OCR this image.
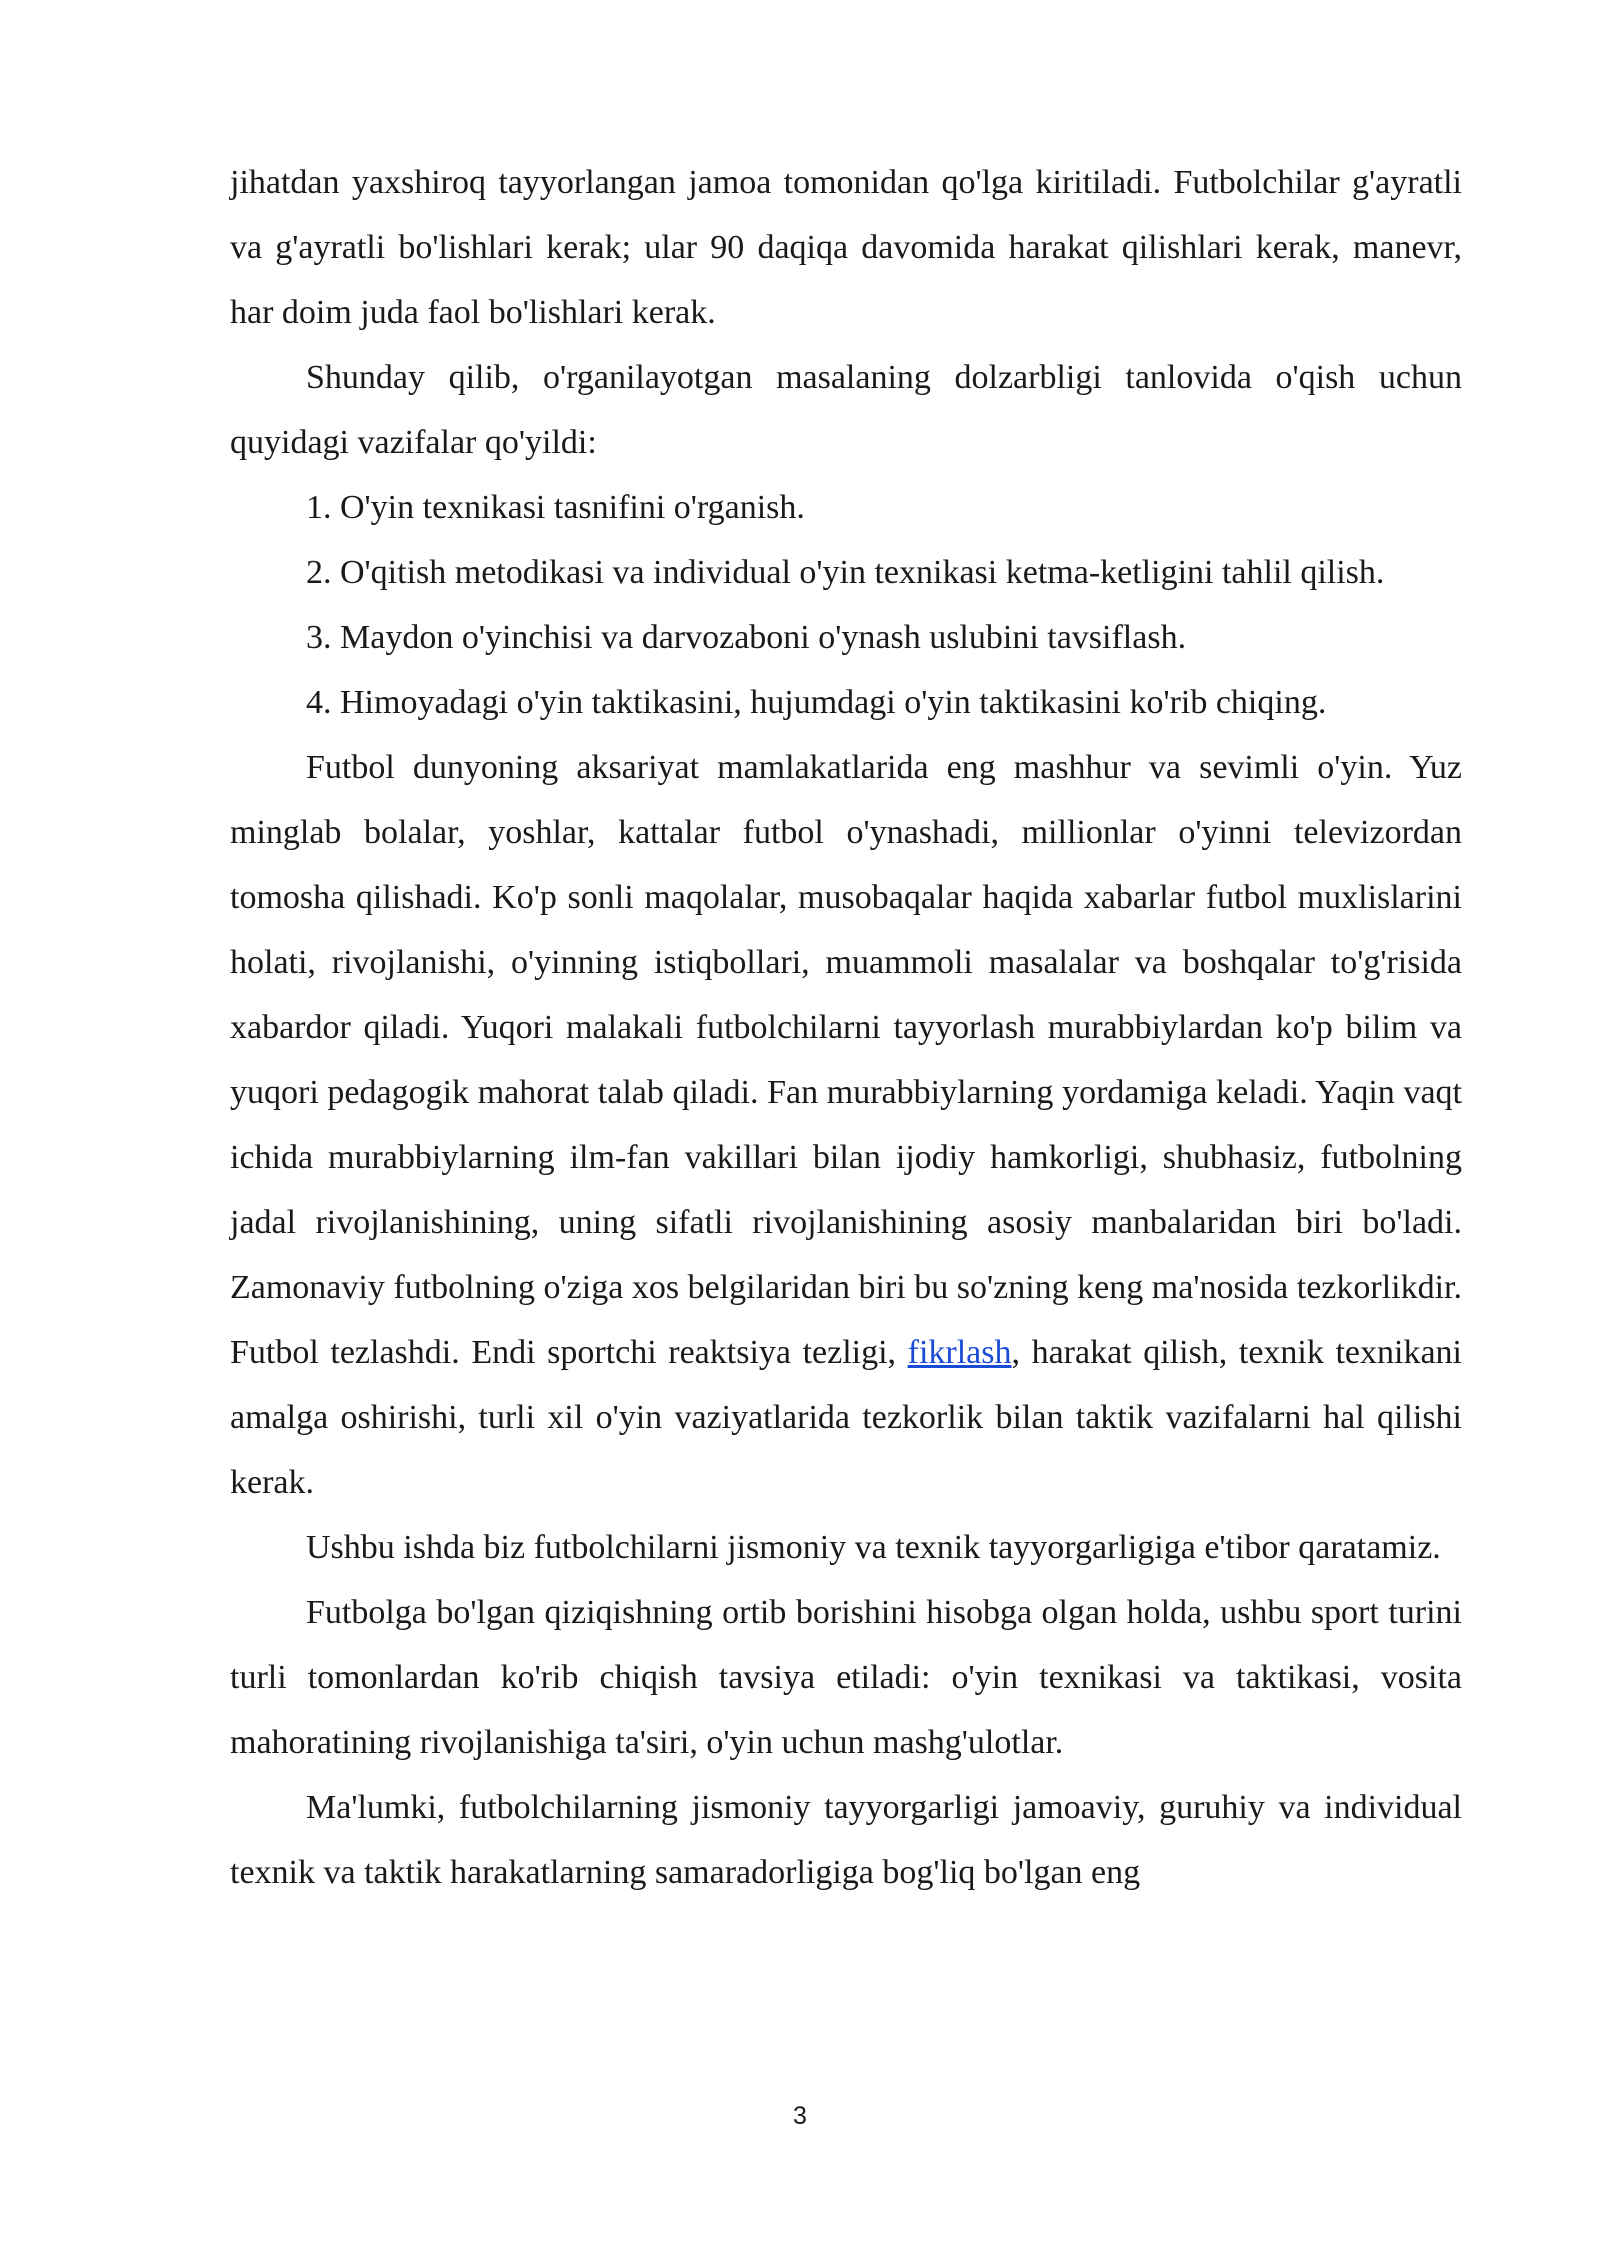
jihatdan yaxshiroq tayyorlangan jamoa tomonidan qo'lga kiritiladi. Futbolchilar g'ayratli va g'ayratli bo'lishlari kerak; ular 90 daqiqa davomida harakat qilishlari kerak, manevr, har doim juda faol bo'lishlari kerak.

Shunday qilib, o'rganilayotgan masalaning dolzarbligi tanlovida o'qish uchun quyidagi vazifalar qo'yildi:

1. O'yin texnikasi tasnifini o'rganish.

2. O'qitish metodikasi va individual o'yin texnikasi ketma-ketligini tahlil qilish.

3. Maydon o'yinchisi va darvozaboni o'ynash uslubini tavsiflash.

4. Himoyadagi o'yin taktikasini, hujumdagi o'yin taktikasini ko'rib chiqing.

Futbol dunyoning aksariyat mamlakatlarida eng mashhur va sevimli o'yin. Yuz minglab bolalar, yoshlar, kattalar futbol o'ynashadi, millionlar o'yinni televizordan tomosha qilishadi. Ko'p sonli maqolalar, musobaqalar haqida xabarlar futbol muxlislarini holati, rivojlanishi, o'yinning istiqbollari, muammoli masalalar va boshqalar to'g'risida xabardor qiladi. Yuqori malakali futbolchilarni tayyorlash murabbiylardan ko'p bilim va yuqori pedagogik mahorat talab qiladi. Fan murabbiylarning yordamiga keladi. Yaqin vaqt ichida murabbiylarning ilm-fan vakillari bilan ijodiy hamkorligi, shubhasiz, futbolning jadal rivojlanishining, uning sifatli rivojlanishining asosiy manbalaridan biri bo'ladi. Zamonaviy futbolning o'ziga xos belgilaridan biri bu so'zning keng ma'nosida tezkorlikdir. Futbol tezlashdi. Endi sportchi reaktsiya tezligi, fikrlash, harakat qilish, texnik texnikani amalga oshirishi, turli xil o'yin vaziyatlarida tezkorlik bilan taktik vazifalarni hal qilishi kerak.

Ushbu ishda biz futbolchilarni jismoniy va texnik tayyorgarligiga e'tibor qaratamiz.

Futbolga bo'lgan qiziqishning ortib borishini hisobga olgan holda, ushbu sport turini turli tomonlardan ko'rib chiqish tavsiya etiladi: o'yin texnikasi va taktikasi, vosita mahoratining rivojlanishiga ta'siri, o'yin uchun mashg'ulotlar.

Ma'lumki, futbolchilarning jismoniy tayyorgarligi jamoaviy, guruhiy va individual texnik va taktik harakatlarning samaradorligiga bog'liq bo'lgan eng

3
